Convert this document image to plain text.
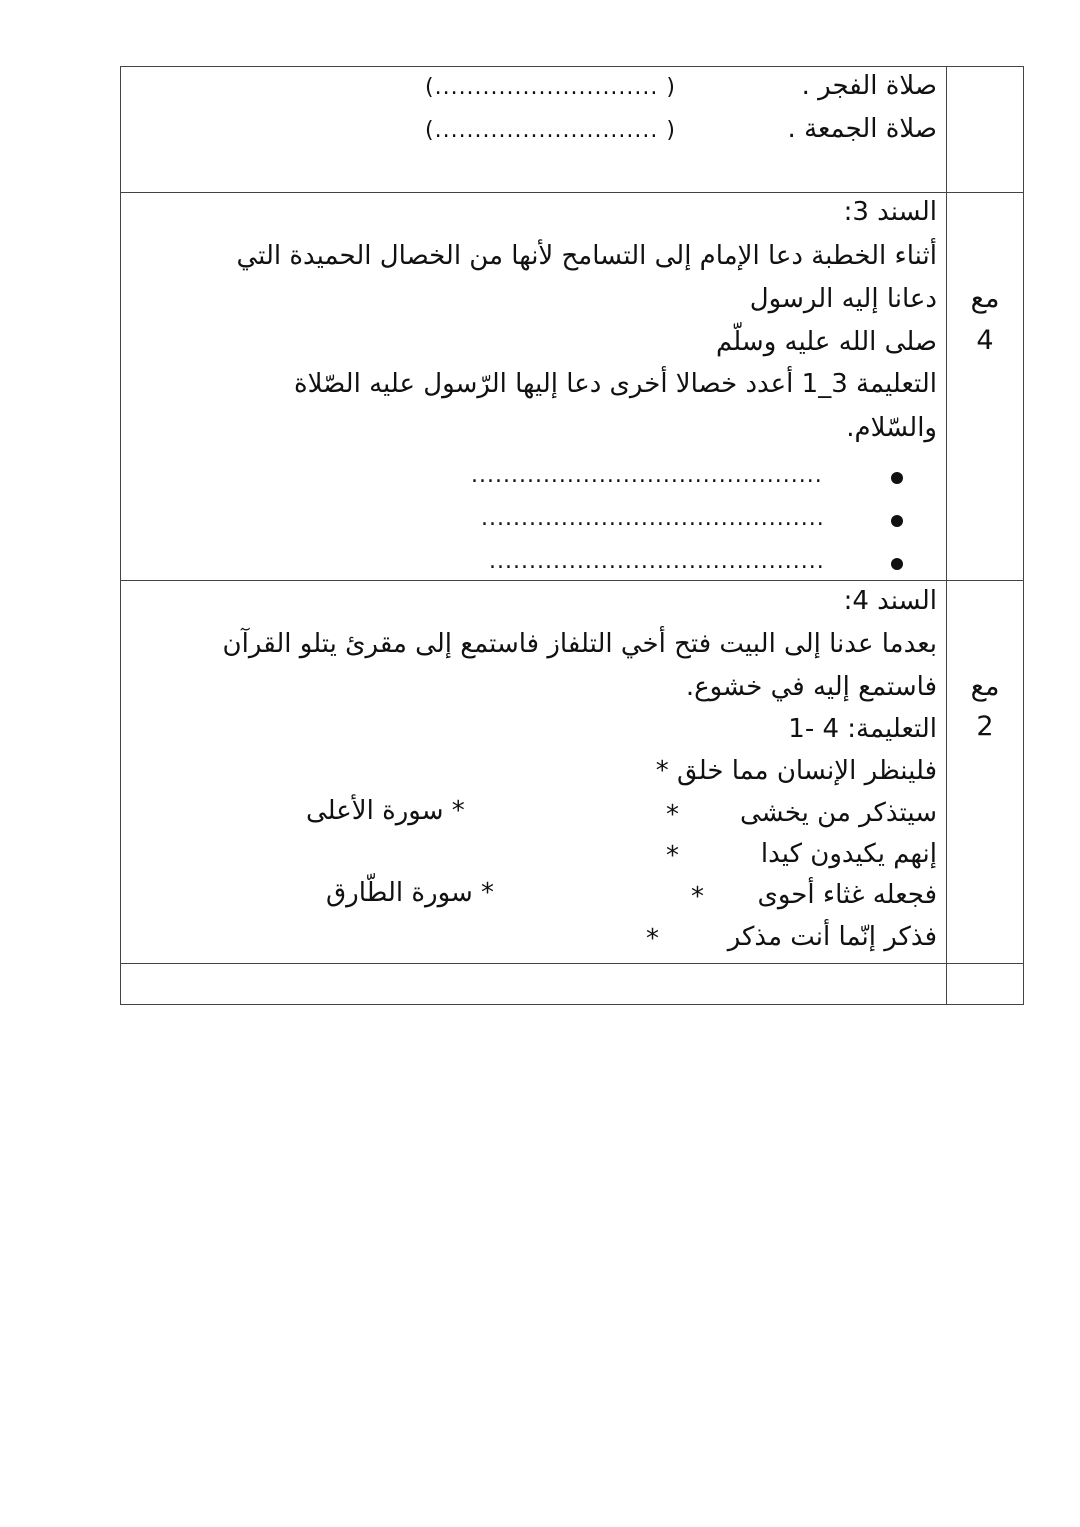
صلاة الفجر .
صلاة الجمعة .
(............................ )
(............................ )
مع
4
السند 3:
أثناء الخطبة دعا الإمام إلى التسامح لأنها من الخصال الحميدة التي
دعانا إليه الرسول
صلى الله عليه وسلّم
التعليمة 3_1 أعدد خصالا أخرى دعا إليها الرّسول عليه الصّلاة
والسّلام.
............................................
...........................................
..........................................
مع
2
السند 4:
بعدما عدنا إلى البيت فتح أخي التلفاز فاستمع إلى مقرئ يتلو القرآن
فاستمع إليه في خشوع.
التعليمة: 4 -1
فلينظر الإنسان مما خلق *
سيتذكر من يخشى
*
* سورة الأعلى
إنهم يكيدون كيدا
*
فجعله غثاء أحوى
*
* سورة الطّارق
فذكر إنّما أنت مذكر
*
